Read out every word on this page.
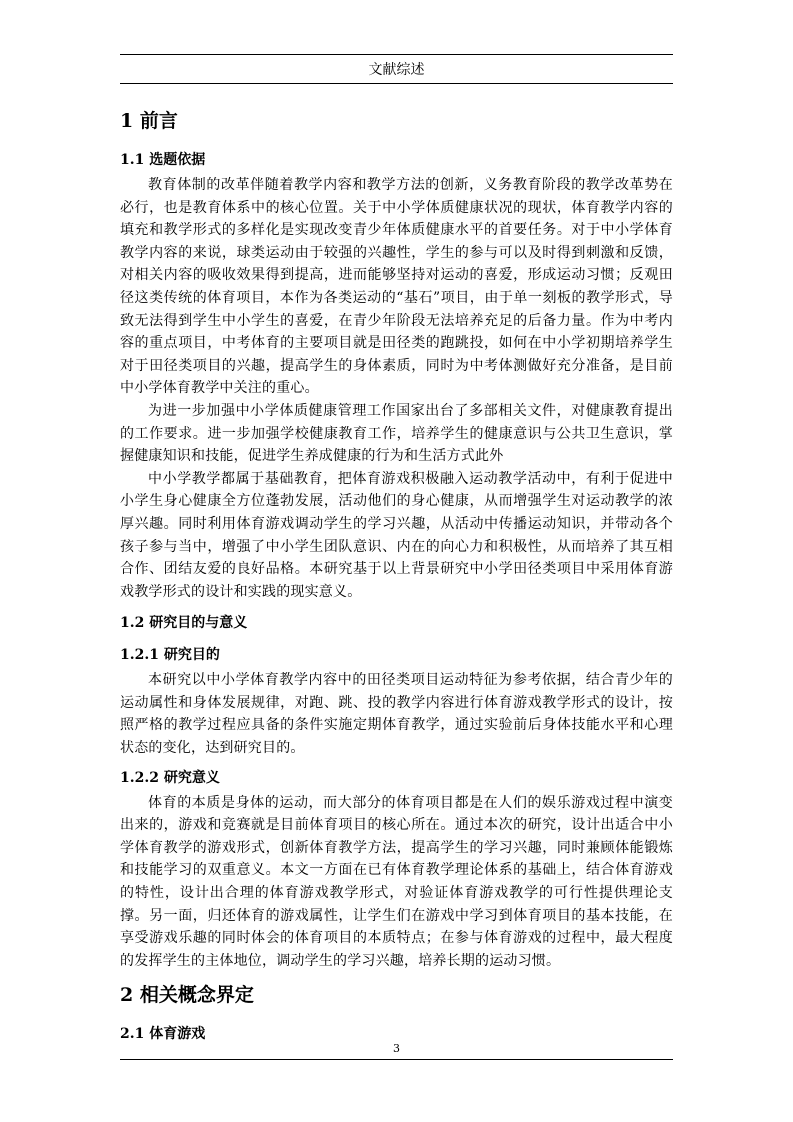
文献综述
1 前言
1.1 选题依据

教育体制的改革伴随着教学内容和教学方法的创新，义务教育阶段的教学改革势在必行，也是教育体系中的核心位置。关于中小学体质健康状况的现状，体育教学内容的填充和教学形式的多样化是实现改变青少年体质健康水平的首要任务。对于中小学体育教学内容的来说，球类运动由于较强的兴趣性，学生的参与可以及时得到刺激和反馈，对相关内容的吸收效果得到提高，进而能够坚持对运动的喜爱，形成运动习惯；反观田径这类传统的体育项目，本作为各类运动的“基石”项目，由于单一刻板的教学形式，导致无法得到学生中小学生的喜爱，在青少年阶段无法培养充足的后备力量。作为中考内容的重点项目，中考体育的主要项目就是田径类的跑跳投，如何在中小学初期培养学生对于田径类项目的兴趣，提高学生的身体素质，同时为中考体测做好充分准备，是目前中小学体育教学中关注的重心。

为进一步加强中小学体质健康管理工作国家出台了多部相关文件，对健康教育提出的工作要求。进一步加强学校健康教育工作，培养学生的健康意识与公共卫生意识，掌握健康知识和技能，促进学生养成健康的行为和生活方式此外

中小学教学都属于基础教育，把体育游戏积极融入运动教学活动中，有利于促进中小学生身心健康全方位蓬勃发展，活动他们的身心健康，从而增强学生对运动教学的浓厚兴趣。同时利用体育游戏调动学生的学习兴趣，从活动中传播运动知识，并带动各个孩子参与当中，增强了中小学生团队意识、内在的向心力和积极性，从而培养了其互相合作、团结友爱的良好品格。本研究基于以上背景研究中小学田径类项目中采用体育游戏教学形式的设计和实践的现实意义。

1.2 研究目的与意义
1.2.1 研究目的

本研究以中小学体育教学内容中的田径类项目运动特征为参考依据，结合青少年的运动属性和身体发展规律，对跑、跳、投的教学内容进行体育游戏教学形式的设计，按照严格的教学过程应具备的条件实施定期体育教学，通过实验前后身体技能水平和心理状态的变化，达到研究目的。

1.2.2 研究意义

体育的本质是身体的运动，而大部分的体育项目都是在人们的娱乐游戏过程中演变出来的，游戏和竞赛就是目前体育项目的核心所在。通过本次的研究，设计出适合中小学体育教学的游戏形式，创新体育教学方法，提高学生的学习兴趣，同时兼顾体能锻炼和技能学习的双重意义。本文一方面在已有体育教学理论体系的基础上，结合体育游戏的特性，设计出合理的体育游戏教学形式，对验证体育游戏教学的可行性提供理论支撑。另一面，归还体育的游戏属性，让学生们在游戏中学习到体育项目的基本技能，在享受游戏乐趣的同时体会的体育项目的本质特点；在参与体育游戏的过程中，最大程度的发挥学生的主体地位，调动学生的学习兴趣，培养长期的运动习惯。

2 相关概念界定
2.1 体育游戏
3
